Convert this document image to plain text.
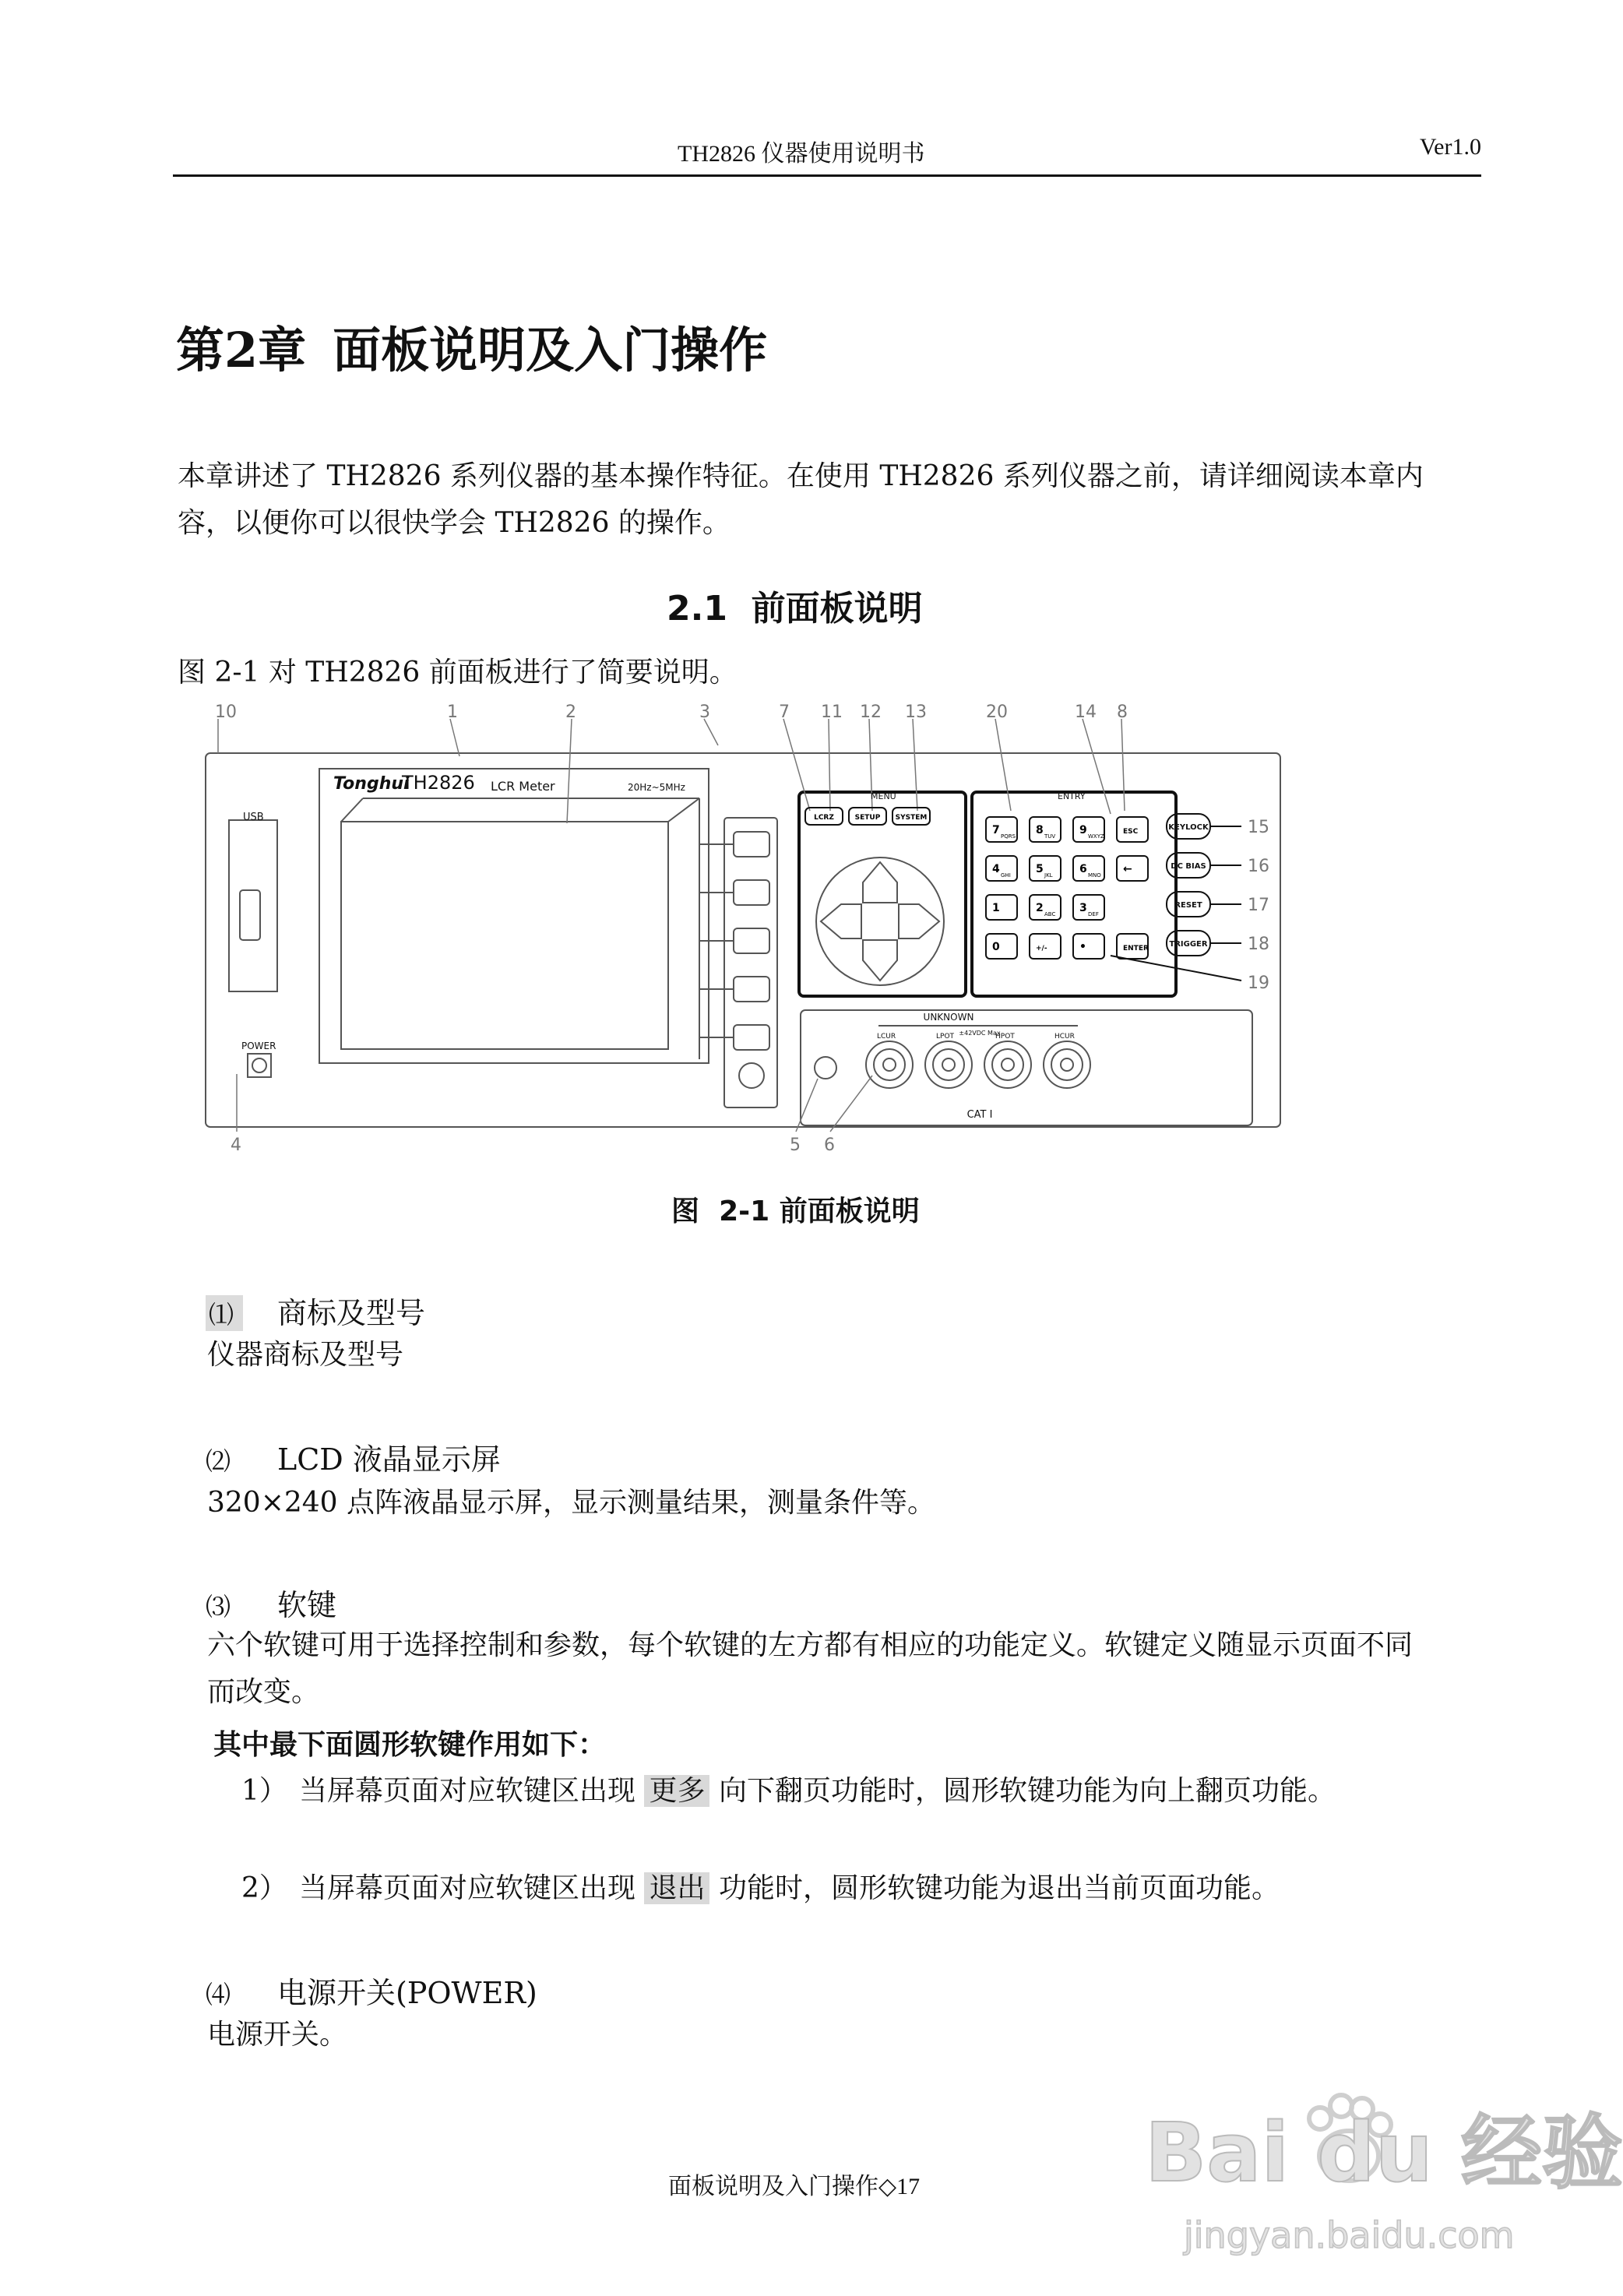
TH2826 仪器使用说明书	Ver1.0
第2章 面板说明及入门操作
本章讲述了 TH2826 系列仪器的基本操作特征。在使用 TH2826 系列仪器之前，请详细阅读本章内容，以便你可以很快学会 TH2826 的操作。
2.1 前面板说明
图 2-1 对 TH2826 前面板进行了简要说明。
10	1	2	3	7 11 12 13	20	14 8
15
16
17
18
19
4	5 6
Tonghui
TH2826 LCR Meter	20Hz~5MHz
USB
POWER
MENU	ENTRY
UNKNOWN
CAT I
±42VDC Max
LCUR	LPOT	HPOT	HCUR
LCRZ	SETUP SYSTEM
7 PQRS 8 TUV 9 WXYZ
ESC
4 GHI 5 JKL 6 MNO ←
1	2 ABC 3 DEF
0	+/-	•	ENTER
KEYLOCK
DC BIAS
RESET
TRIGGER
图 2-1 前面板说明
⑴ 商标及型号
仪器商标及型号
⑵ LCD 液晶显示屏
320×240 点阵液晶显示屏，显示测量结果，测量条件等。
⑶ 软键
六个软键可用于选择控制和参数，每个软键的左方都有相应的功能定义。软键定义随显示页面不同而改变。
其中最下面圆形软键作用如下：
1） 当屏幕页面对应软键区出现 更多 向下翻页功能时，圆形软键功能为向上翻页功能。
2） 当屏幕页面对应软键区出现 退出 功能时，圆形软键功能为退出当前页面功能。
⑷ 电源开关(POWER)
电源开关。
面板说明及入门操作◇17	Bai du 经验
jingyan.baidu.com
